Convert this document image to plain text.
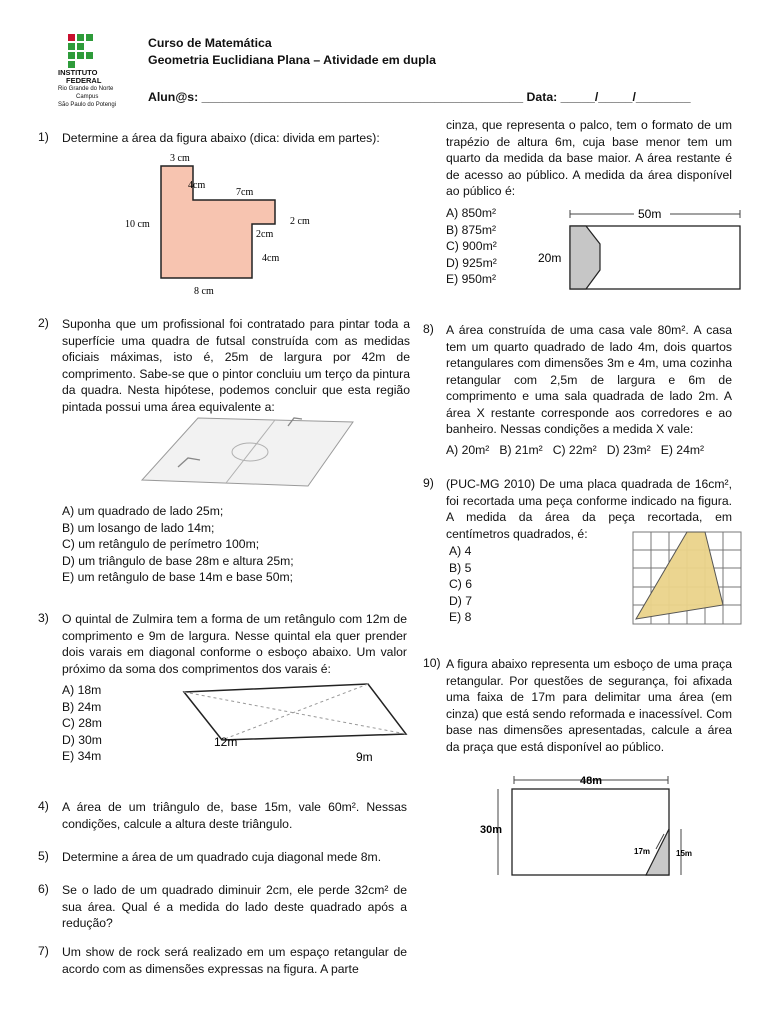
INSTITUTO
FEDERAL
Rio Grande do Norte
Campus
São Paulo do Potengi
Curso de Matemática
Geometria Euclidiana Plana – Atividade em dupla
Alun@s: _______________________________________________ Data: _____/_____/________
1) Determine a área da figura abaixo (dica: divida em partes):
3 cm
4cm
7cm
2 cm
2cm
4cm
10 cm
8 cm
2) Suponha que um profissional foi contratado para pintar toda a superfície uma quadra de futsal construída com as medidas oficiais máximas, isto é, 25m de largura por 42m de comprimento. Sabe-se que o pintor concluiu um terço da pintura da quadra. Nesta hipótese, podemos concluir que esta região pintada possui uma área equivalente a:
A) um quadrado de lado 25m;
B) um losango de lado 14m;
C) um retângulo de perímetro 100m;
D) um triângulo de base 28m e altura 25m;
E) um retângulo de base 14m e base 50m;
3) O quintal de Zulmira tem a forma de um retângulo com 12m de comprimento e 9m de largura. Nesse quintal ela quer prender dois varais em diagonal conforme o esboço abaixo. Um valor próximo da soma dos comprimentos dos varais é:
A) 18m
B) 24m
C) 28m
D) 30m
E) 34m
12m
9m
4) A área de um triângulo de, base 15m, vale 60m². Nessas condições, calcule a altura deste triângulo.
5) Determine a área de um quadrado cuja diagonal mede 8m.
6) Se o lado de um quadrado diminuir 2cm, ele perde 32cm² de sua área. Qual é a medida do lado deste quadrado após a redução?
7) Um show de rock será realizado em um espaço retangular de acordo com as dimensões expressas na figura. A parte
cinza, que representa o palco, tem o formato de um trapézio de altura 6m, cuja base menor tem um quarto da medida da base maior. A área restante é de acesso ao público. A medida da área disponível ao público é:
A) 850m²
B) 875m²
C) 900m²
D) 925m²
E) 950m²
50m
20m
8) A área construída de uma casa vale 80m². A casa tem um quarto quadrado de lado 4m, dois quartos retangulares com dimensões 3m e 4m, uma cozinha retangular com 2,5m de largura e 6m de comprimento e uma sala quadrada de lado 2m. A área X restante corresponde aos corredores e ao banheiro. Nessas condições a medida X vale:
A) 20m² B) 21m² C) 22m² D) 23m² E) 24m²
9) (PUC-MG 2010) De uma placa quadrada de 16cm², foi recortada uma peça conforme indicado na figura. A medida da área da peça recortada, em centímetros quadrados, é:
A) 4
B) 5
C) 6
D) 7
E) 8
10) A figura abaixo representa um esboço de uma praça retangular. Por questões de segurança, foi afixada uma faixa de 17m para delimitar uma área (em cinza) que está sendo reformada e inacessível. Com base nas dimensões apresentadas, calcule a área da praça que está disponível ao público.
48m
30m
17m	15m
